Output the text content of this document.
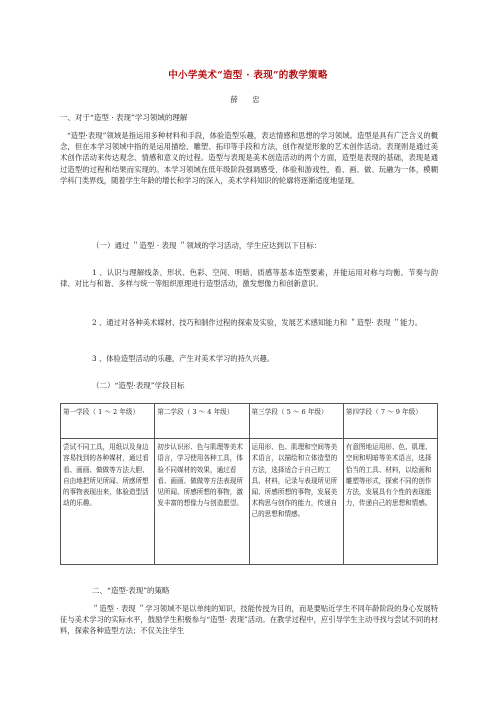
中小学美术“造型 · 表现”的教学策略
薛 忠
一、对于“造型 · 表现”学习领域的理解
“造型·表现”领域是指运用多种材料和手段，体验造型乐趣，表达情感和思想的学习领域。造型是具有广泛含义的概念，但在本学习领域中指的是运用描绘、雕塑、拓印等手段和方法，创作视觉形象的艺术创作活动。表现则是通过美术创作活动来传达观念、情感和意义的过程。造型与表现是美术创造活动的两个方面，造型是表现的基础，表现是通过造型的过程和结果而实现的。本学习领域在低年级阶段强调感受、体验和游戏性，看、画、做、玩融为一体，模糊学科门类界线，随着学生年龄的增长和学习的深入，美术学科知识的轮廓将逐渐适度地显现。
（一）通过 ＂造型 · 表现 ＂领域的学习活动，学生应达到以下目标：
1 、认识与理解线条、形状、色彩、空间、明暗、质感等基本造型要素，并能运用对称与均衡、节奏与韵律、对比与和谐、多样与统一等组织原理进行造型活动，激发想像力和创新意识。
2 、通过对各种美术媒材、技巧和制作过程的探索及实验，发展艺术感知能力和 ＂造型· 表现 ＂能力。
3 、体验造型活动的乐趣，产生对美术学习的持久兴趣。
（二）“造型·表现”学段目标
第一学段（ 1 ～ 2 年级）	第二学段（ 3 ～ 4 年级）	第三学段（ 5 ～ 6 年级）	第四学段（ 7 ～ 9 年级）
尝试不同工具，用纸以及身边容易找到的各种媒材，通过看看、画画、做做等方法大胆、自由地把所见所闻、所感所想的事物表现出来，体验造型活动的乐趣。	初步认识形、色与肌理等美术语言，学习使用各种工具，体验不同媒材的效果，通过看看、画画、做做等方法表现所见所闻、所感所想的事物，激发丰富的想像力与创造愿望。	运用形、色、肌理和空间等美术语言，以描绘和立体造型的方法，选择适合于自己的工具、材料，记录与表现所见所闻、所感所想的事物，发展美术构思与创作的能力，传递自己的思想和情感。	有意图地运用形、色、肌理、空间和明暗等美术语言，选择恰当的工具、材料，以绘画和雕塑等形式，探索不同的创作方法，发展具有个性的表现能力，传递自己的思想和情感。
二、“造型·表现”的策略
＂造型 · 表现 ＂学习领域不是以单纯的知识、技能传授为目的，而是要贴近学生不同年龄阶段的身心发展特征与美术学习的实际水平，鼓励学生积极参与“造型· 表现”活动。在教学过程中，应引导学生主动寻找与尝试不同的材料，探索各种造型方法；不仅关注学生
